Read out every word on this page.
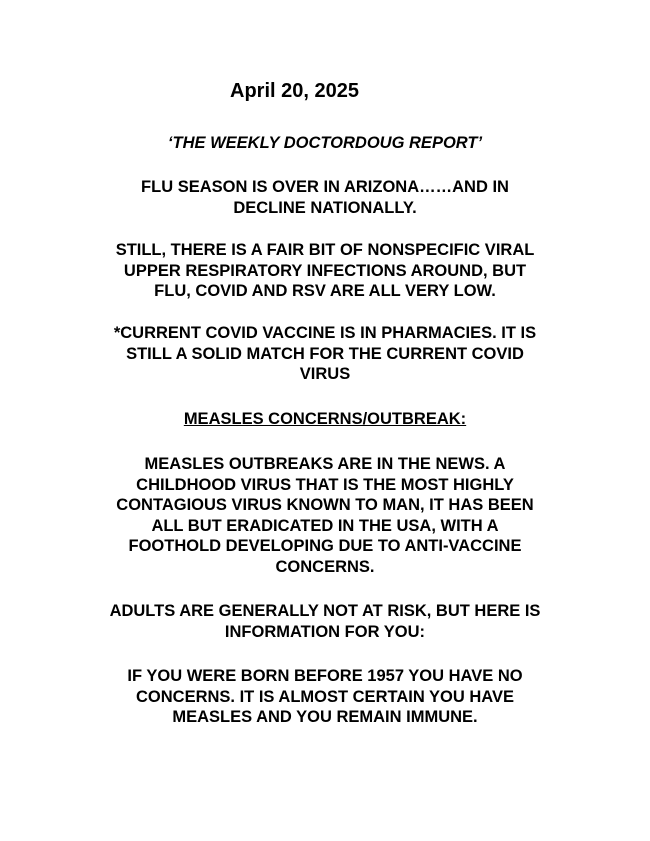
April 20, 2025
‘THE WEEKLY DOCTORDOUG REPORT’
FLU SEASON IS OVER IN ARIZONA……AND IN
DECLINE NATIONALLY.
STILL, THERE IS A FAIR BIT OF NONSPECIFIC VIRAL
UPPER RESPIRATORY INFECTIONS AROUND, BUT
FLU, COVID AND RSV ARE ALL VERY LOW.
*CURRENT COVID VACCINE IS IN PHARMACIES. IT IS
STILL A SOLID MATCH FOR THE CURRENT COVID
VIRUS
MEASLES CONCERNS/OUTBREAK:
MEASLES OUTBREAKS ARE IN THE NEWS. A
CHILDHOOD VIRUS THAT IS THE MOST HIGHLY
CONTAGIOUS VIRUS KNOWN TO MAN, IT HAS BEEN
ALL BUT ERADICATED IN THE USA, WITH A
FOOTHOLD DEVELOPING DUE TO ANTI-VACCINE
CONCERNS.
ADULTS ARE GENERALLY NOT AT RISK, BUT HERE IS
INFORMATION FOR YOU:
IF YOU WERE BORN BEFORE 1957 YOU HAVE NO
CONCERNS. IT IS ALMOST CERTAIN YOU HAVE
MEASLES AND YOU REMAIN IMMUNE.
